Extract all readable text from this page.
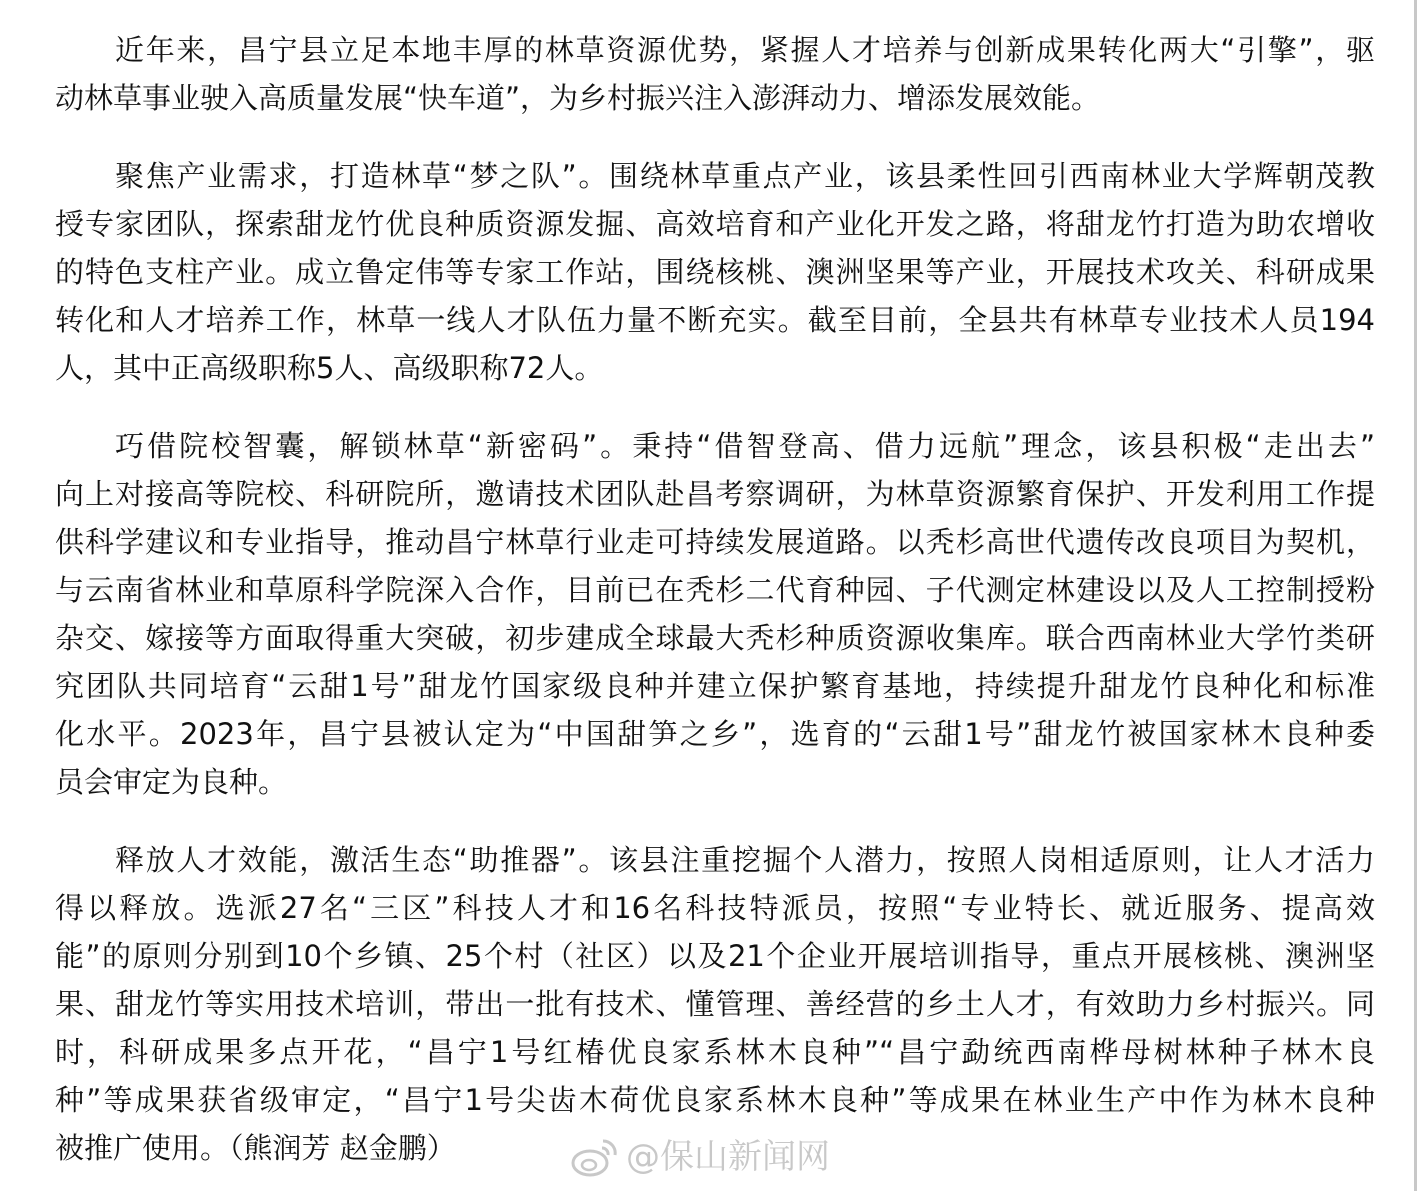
近年来，昌宁县立足本地丰厚的林草资源优势，紧握人才培养与创新成果转化两大“引擎”，驱
动林草事业驶入高质量发展“快车道”，为乡村振兴注入澎湃动力、增添发展效能。
聚焦产业需求，打造林草“梦之队”。围绕林草重点产业，该县柔性回引西南林业大学辉朝茂教
授专家团队，探索甜龙竹优良种质资源发掘、高效培育和产业化开发之路，将甜龙竹打造为助农增收
的特色支柱产业。成立鲁定伟等专家工作站，围绕核桃、澳洲坚果等产业，开展技术攻关、科研成果
转化和人才培养工作，林草一线人才队伍力量不断充实。截至目前，全县共有林草专业技术人员194
人，其中正高级职称5人、高级职称72人。
巧借院校智囊，解锁林草“新密码”。秉持“借智登高、借力远航”理念，该县积极“走出去”
向上对接高等院校、科研院所，邀请技术团队赴昌考察调研，为林草资源繁育保护、开发利用工作提
供科学建议和专业指导，推动昌宁林草行业走可持续发展道路。以秃杉高世代遗传改良项目为契机，
与云南省林业和草原科学院深入合作，目前已在秃杉二代育种园、子代测定林建设以及人工控制授粉
杂交、嫁接等方面取得重大突破，初步建成全球最大秃杉种质资源收集库。联合西南林业大学竹类研
究团队共同培育“云甜1号”甜龙竹国家级良种并建立保护繁育基地，持续提升甜龙竹良种化和标准
化水平。2023年，昌宁县被认定为“中国甜笋之乡”，选育的“云甜1号”甜龙竹被国家林木良种委
员会审定为良种。
释放人才效能，激活生态“助推器”。该县注重挖掘个人潜力，按照人岗相适原则，让人才活力
得以释放。选派27名“三区”科技人才和16名科技特派员，按照“专业特长、就近服务、提高效
能”的原则分别到10个乡镇、25个村（社区）以及21个企业开展培训指导，重点开展核桃、澳洲坚
果、甜龙竹等实用技术培训，带出一批有技术、懂管理、善经营的乡土人才，有效助力乡村振兴。同
时，科研成果多点开花，“昌宁1号红椿优良家系林木良种”“昌宁勐统西南桦母树林种子林木良
种”等成果获省级审定，“昌宁1号尖齿木荷优良家系林木良种”等成果在林业生产中作为林木良种
被推广使用。（熊润芳 赵金鹏）	@保山新闻网
